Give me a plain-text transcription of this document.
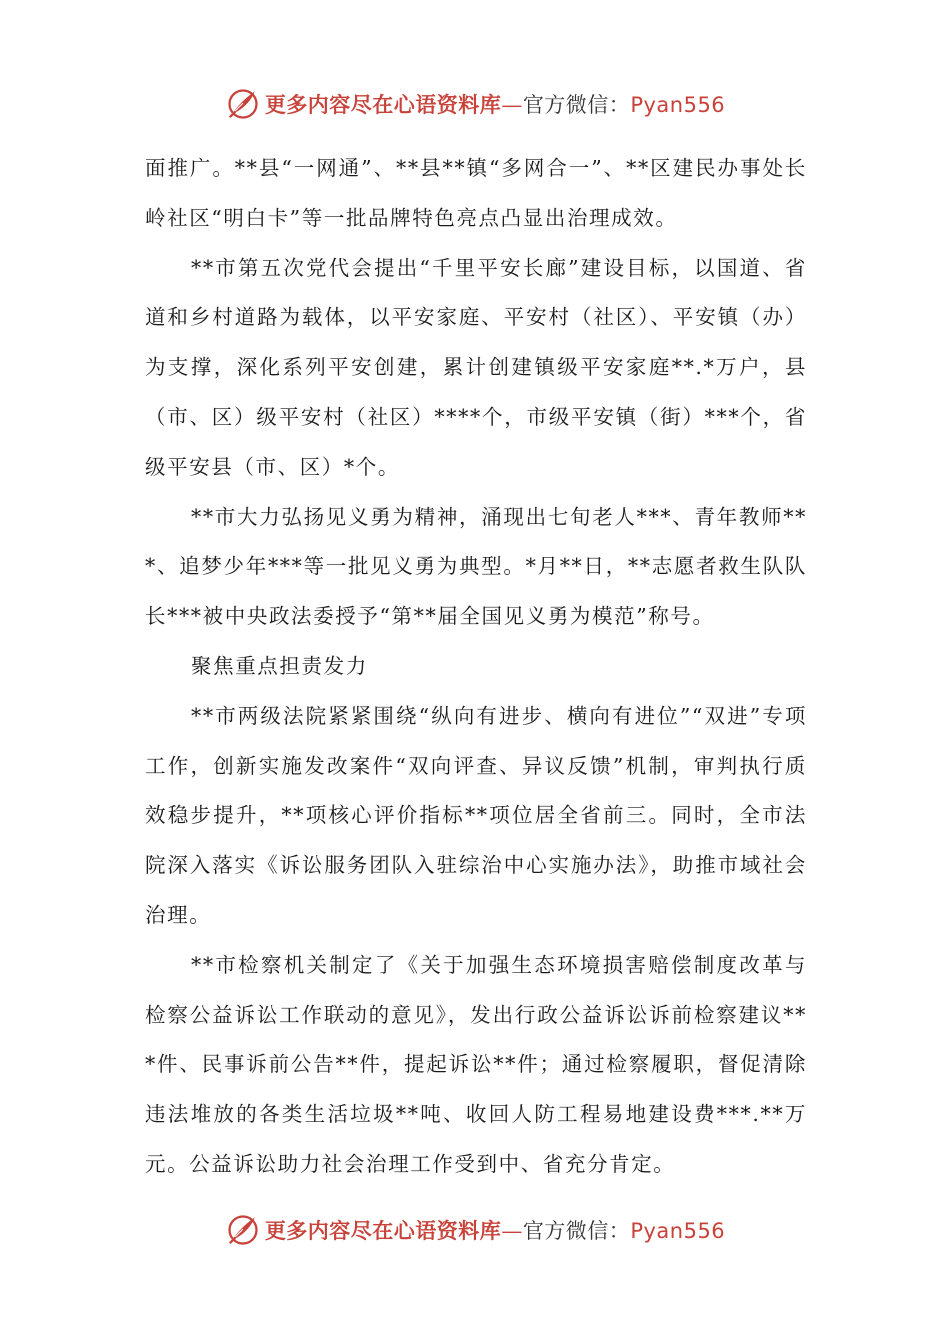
更多内容尽在心语资料库—官方微信：Pyan556

面推广。**县“一网通”、**县**镇“多网合一”、**区建民办事处长岭社区“明白卡”等一批品牌特色亮点凸显出治理成效。

**市第五次党代会提出“千里平安长廊”建设目标，以国道、省道和乡村道路为载体，以平安家庭、平安村（社区）、平安镇（办）为支撑，深化系列平安创建，累计创建镇级平安家庭**.*万户，县（市、区）级平安村（社区）****个，市级平安镇（街）***个，省级平安县（市、区）*个。

**市大力弘扬见义勇为精神，涌现出七旬老人***、青年教师***、追梦少年***等一批见义勇为典型。*月**日，**志愿者救生队队长***被中央政法委授予“第**届全国见义勇为模范”称号。

聚焦重点担责发力

**市两级法院紧紧围绕“纵向有进步、横向有进位”“双进”专项工作，创新实施发改案件“双向评查、异议反馈”机制，审判执行质效稳步提升，**项核心评价指标**项位居全省前三。同时，全市法院深入落实《诉讼服务团队入驻综治中心实施办法》，助推市域社会治理。

**市检察机关制定了《关于加强生态环境损害赔偿制度改革与检察公益诉讼工作联动的意见》，发出行政公益诉讼诉前检察建议***件、民事诉前公告**件，提起诉讼**件；通过检察履职，督促清除违法堆放的各类生活垃圾**吨、收回人防工程易地建设费***.**万元。公益诉讼助力社会治理工作受到中、省充分肯定。

更多内容尽在心语资料库—官方微信：Pyan556
